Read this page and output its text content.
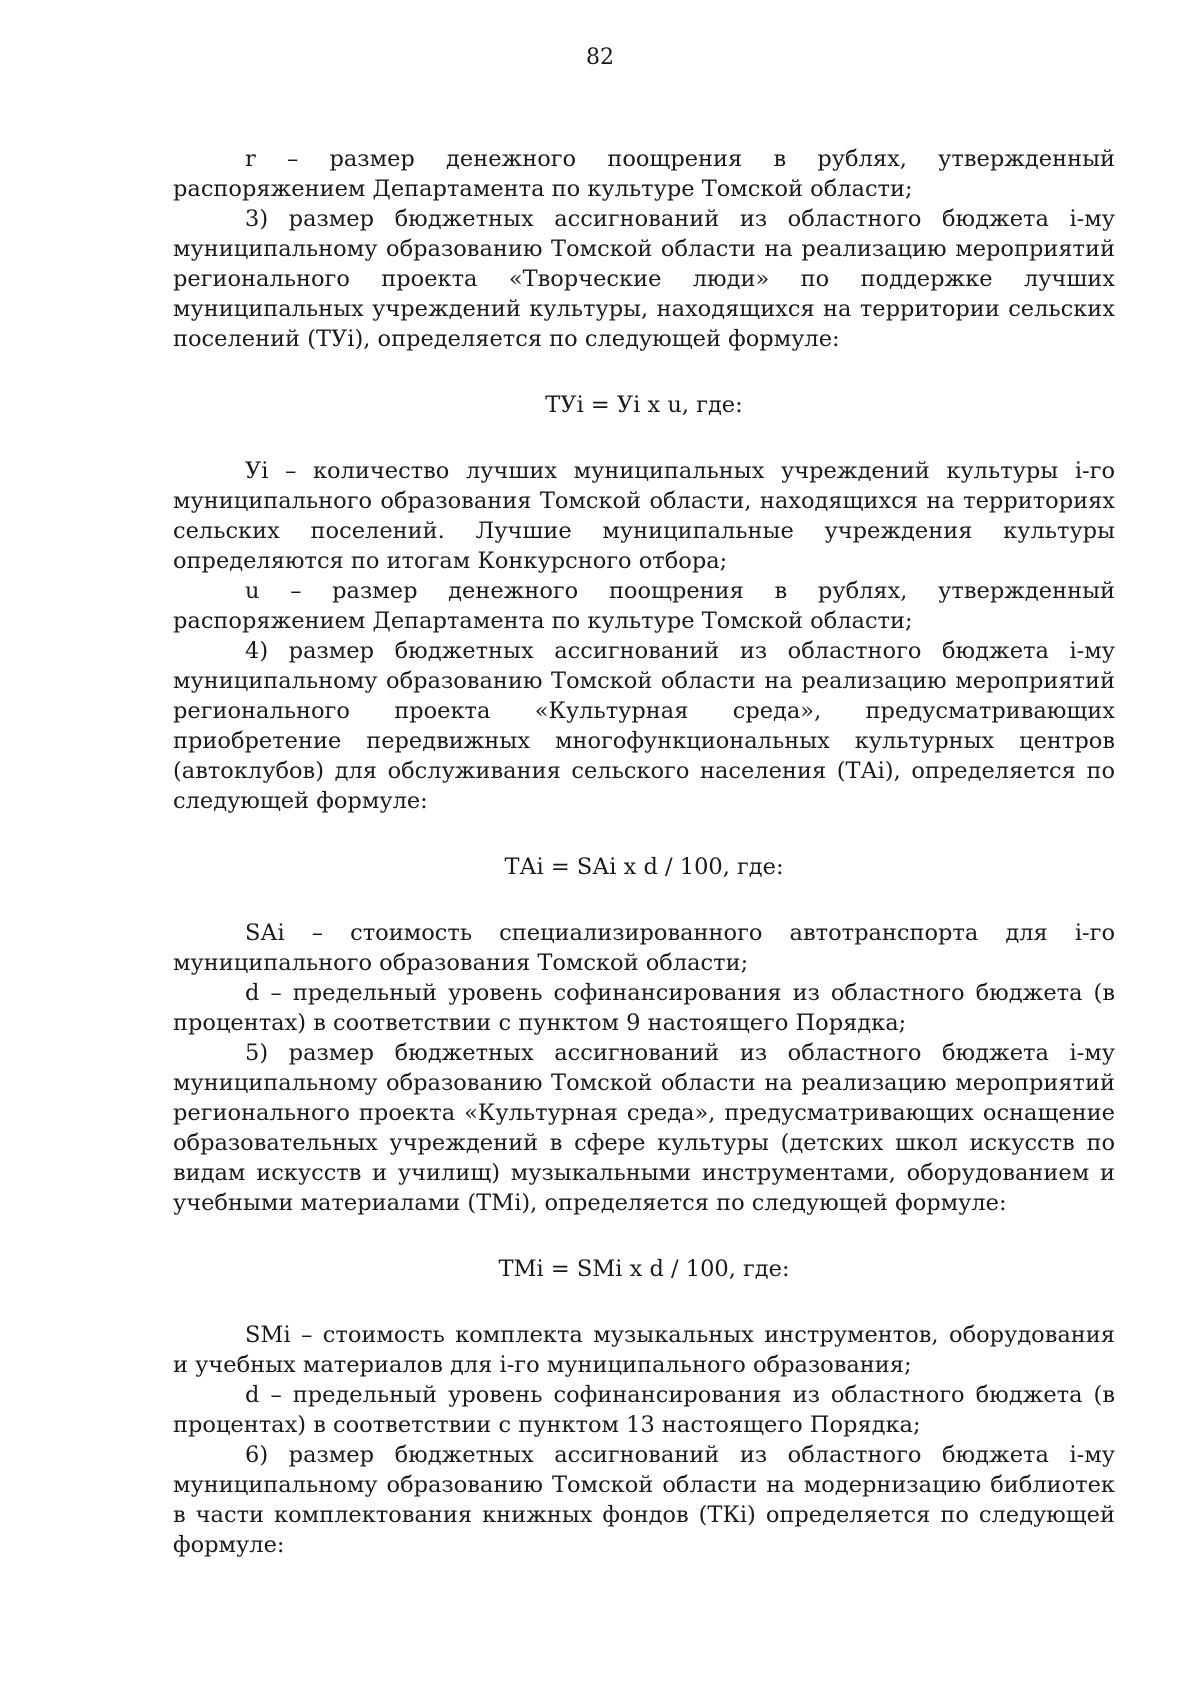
82

r – размер денежного поощрения в рублях, утвержденный распоряжением Департамента по культуре Томской области;

3) размер бюджетных ассигнований из областного бюджета i-му муниципальному образованию Томской области на реализацию мероприятий регионального проекта «Творческие люди» по поддержке лучших муниципальных учреждений культуры, находящихся на территории сельских поселений (ТУi), определяется по следующей формуле:

ТУi = Уi х u, где:

Уi – количество лучших муниципальных учреждений культуры i-го муниципального образования Томской области, находящихся на территориях сельских поселений. Лучшие муниципальные учреждения культуры определяются по итогам Конкурсного отбора;

u – размер денежного поощрения в рублях, утвержденный распоряжением Департамента по культуре Томской области;

4) размер бюджетных ассигнований из областного бюджета i-му муниципальному образованию Томской области на реализацию мероприятий регионального проекта «Культурная среда», предусматривающих приобретение передвижных многофункциональных культурных центров (автоклубов) для обслуживания сельского населения (ТАi), определяется по следующей формуле:

ТАi = SАi х d / 100, где:

SАi – стоимость специализированного автотранспорта для i-го муниципального образования Томской области;

d – предельный уровень софинансирования из областного бюджета (в процентах) в соответствии с пунктом 9 настоящего Порядка;

5) размер бюджетных ассигнований из областного бюджета i-му муниципальному образованию Томской области на реализацию мероприятий регионального проекта «Культурная среда», предусматривающих оснащение образовательных учреждений в сфере культуры (детских школ искусств по видам искусств и училищ) музыкальными инструментами, оборудованием и учебными материалами (ТМi), определяется по следующей формуле:

ТМi = SMi х d / 100, где:

SMi – стоимость комплекта музыкальных инструментов, оборудования и учебных материалов для i-го муниципального образования;

d – предельный уровень софинансирования из областного бюджета (в процентах) в соответствии с пунктом 13 настоящего Порядка;

6) размер бюджетных ассигнований из областного бюджета i-му муниципальному образованию Томской области на модернизацию библиотек в части комплектования книжных фондов (ТКi) определяется по следующей формуле:
